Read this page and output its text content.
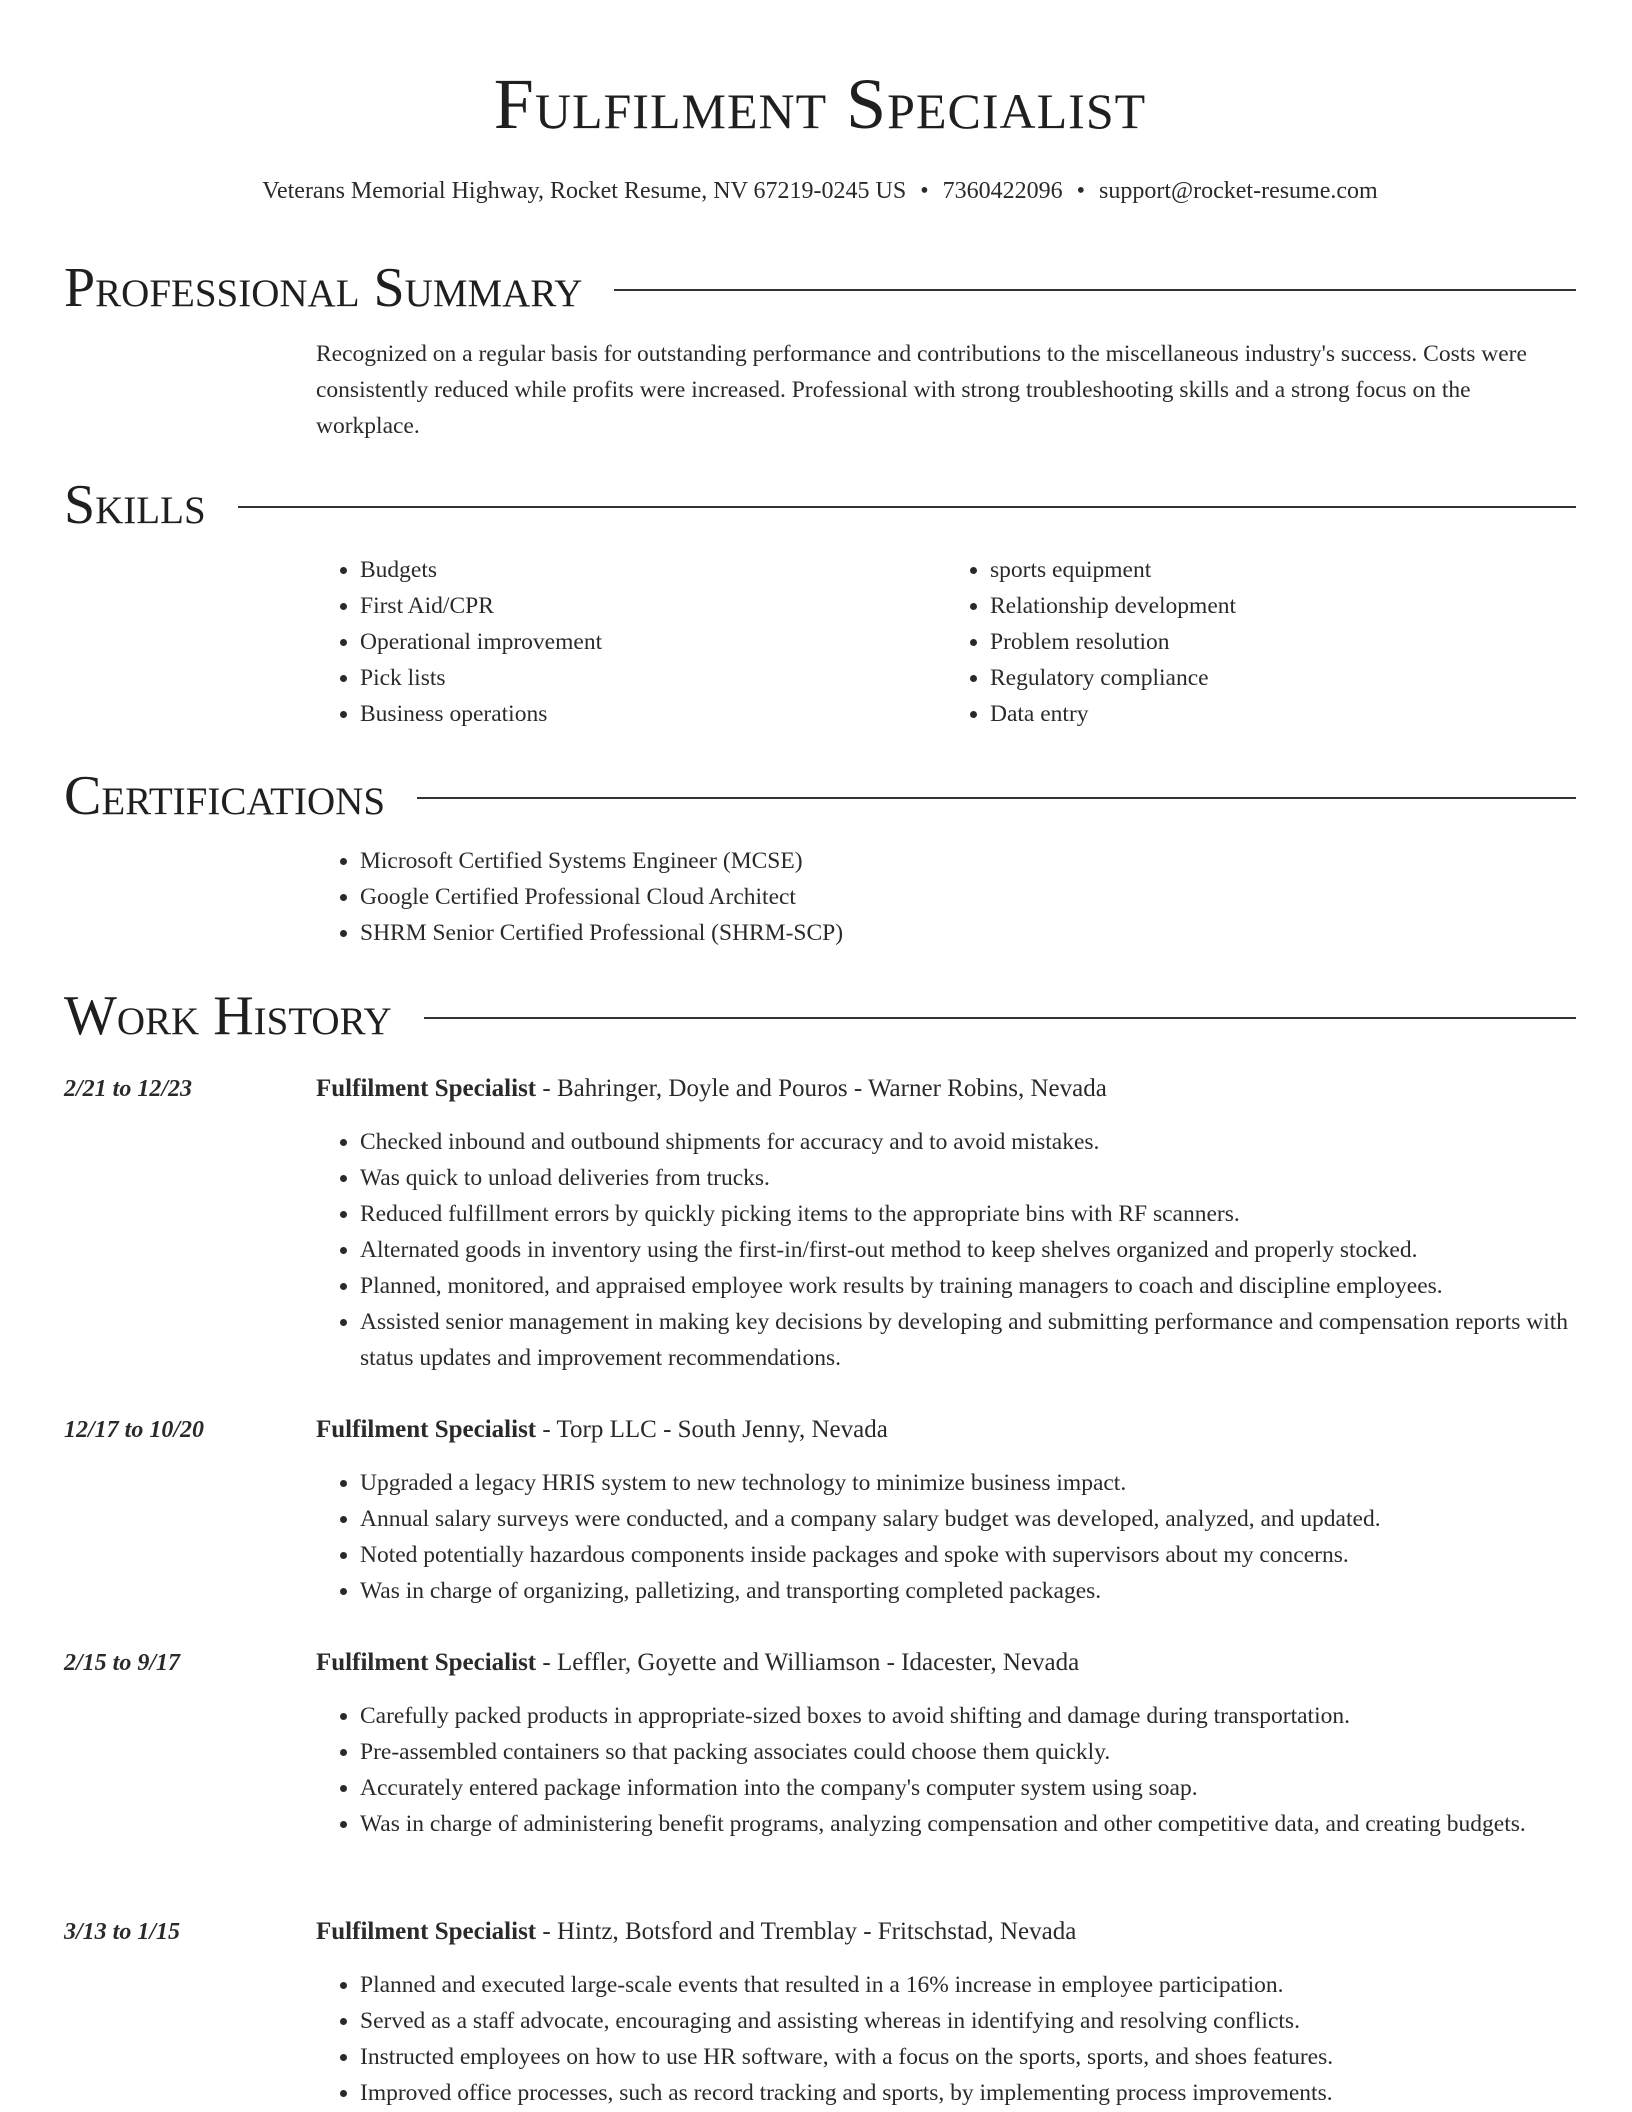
Fulfilment Specialist
Veterans Memorial Highway, Rocket Resume, NV 67219-0245 US • 7360422096 • support@rocket-resume.com
Professional Summary
Recognized on a regular basis for outstanding performance and contributions to the miscellaneous industry's success. Costs were consistently reduced while profits were increased. Professional with strong troubleshooting skills and a strong focus on the workplace.
Skills
• Budgets
• First Aid/CPR
• Operational improvement
• Pick lists
• Business operations
• sports equipment
• Relationship development
• Problem resolution
• Regulatory compliance
• Data entry
Certifications
• Microsoft Certified Systems Engineer (MCSE)
• Google Certified Professional Cloud Architect
• SHRM Senior Certified Professional (SHRM-SCP)
Work History
2/21 to 12/23	Fulfilment Specialist - Bahringer, Doyle and Pouros - Warner Robins, Nevada
• Checked inbound and outbound shipments for accuracy and to avoid mistakes.
• Was quick to unload deliveries from trucks.
• Reduced fulfillment errors by quickly picking items to the appropriate bins with RF scanners.
• Alternated goods in inventory using the first-in/first-out method to keep shelves organized and properly stocked.
• Planned, monitored, and appraised employee work results by training managers to coach and discipline employees.
• Assisted senior management in making key decisions by developing and submitting performance and compensation reports with status updates and improvement recommendations.
12/17 to 10/20	Fulfilment Specialist - Torp LLC - South Jenny, Nevada
• Upgraded a legacy HRIS system to new technology to minimize business impact.
• Annual salary surveys were conducted, and a company salary budget was developed, analyzed, and updated.
• Noted potentially hazardous components inside packages and spoke with supervisors about my concerns.
• Was in charge of organizing, palletizing, and transporting completed packages.
2/15 to 9/17	Fulfilment Specialist - Leffler, Goyette and Williamson - Idacester, Nevada
• Carefully packed products in appropriate-sized boxes to avoid shifting and damage during transportation.
• Pre-assembled containers so that packing associates could choose them quickly.
• Accurately entered package information into the company's computer system using soap.
• Was in charge of administering benefit programs, analyzing compensation and other competitive data, and creating budgets.
3/13 to 1/15	Fulfilment Specialist - Hintz, Botsford and Tremblay - Fritschstad, Nevada
• Planned and executed large-scale events that resulted in a 16% increase in employee participation.
• Served as a staff advocate, encouraging and assisting whereas in identifying and resolving conflicts.
• Instructed employees on how to use HR software, with a focus on the sports, sports, and shoes features.
• Improved office processes, such as record tracking and sports, by implementing process improvements.
